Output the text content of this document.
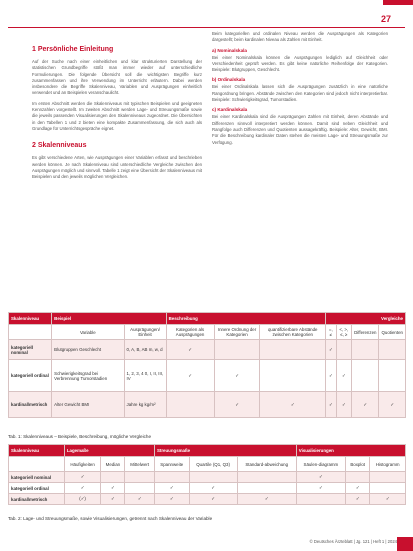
27
1 Persönliche Einleitung

Auf der Suche nach einer einheitlichen und klar strukturierten Darstellung der statistischen Grundbegriffe stößt man immer wieder auf unterschiedliche Formulierungen. Die folgende Übersicht soll die wichtigsten Begriffe kurz zusammenfassen und ihre Verwendung im Unterricht erläutern. Dabei werden insbesondere die Begriffe Skalenniveau, Variablen und Ausprägungen einheitlich verwendet und an Beispielen veranschaulicht.

Im ersten Abschnitt werden die Skalenniveaus mit typischen Beispielen und geeigneten Kennzahlen vorgestellt. Im zweiten Abschnitt werden Lage- und Streuungsmaße sowie die jeweils passenden Visualisierungen den Skalenniveaus zugeordnet. Die Übersichten in den Tabellen 1 und 2 bieten eine kompakte Zusammenfassung, die sich auch als Grundlage für Unterrichtsgespräche eignet.

2 Skalenniveaus

Es gibt verschiedene Arten, wie Ausprägungen einer Variablen erfasst und beschrieben werden können. Je nach Skalenniveau sind unterschiedliche Vergleiche zwischen den Ausprägungen möglich und sinnvoll. Tabelle 1 zeigt eine Übersicht der Skalenniveaus mit Beispielen und den jeweils möglichen Vergleichen.

Beim kategoriellen und ordinalen Niveau werden die Ausprägungen als Kategorien dargestellt; beim kardinalen Niveau als Zahlen mit Einheit.

a) Nominalskala

Bei einer Nominalskala können die Ausprägungen lediglich auf Gleichheit oder Verschiedenheit geprüft werden. Es gibt keine natürliche Reihenfolge der Kategorien. Beispiele: Blutgruppen, Geschlecht.

b) Ordinalskala

Bei einer Ordinalskala lassen sich die Ausprägungen zusätzlich in eine natürliche Rangordnung bringen. Abstände zwischen den Kategorien sind jedoch nicht interpretierbar. Beispiele: Schwierigkeitsgrad, Tumorstadien.

c) Kardinalskala

Bei einer Kardinalskala sind die Ausprägungen Zahlen mit Einheit, deren Abstände und Differenzen sinnvoll interpretiert werden können. Damit sind neben Gleichheit und Rangfolge auch Differenzen und Quotienten aussagekräftig. Beispiele: Alter, Gewicht, BMI. Für die Beschreibung kardinaler Daten stehen die meisten Lage- und Streuungsmaße zur Verfügung.

Skalenniveau	Beispiel		Beschreibung			Vergleiche			
	Variable	Ausprägungen/ Einheit	Kategorien als Ausprägungen	Innere Ordnung der Kategorien	quantifizierbare Abstände zwischen Kategorien	=, ≠	<, >, ≤, ≥	Differenzen	Quotienten
kategoriell nominal	Blutgruppen Geschlecht	0, A, B, AB m, w, d	✓			✓			
kategoriell ordinal	Schwierigkeitsgrad bei Verbrennung Tumorstadien	1, 2, 3, 4 0, I, II, III, IV	✓	✓		✓	✓		
kardinal/metrisch	Alter Gewicht BMI	Jahre kg kg/m²		✓	✓	✓	✓	✓	✓
Tab. 1: Skalenniveaus – Beispiele, Beschreibung, mögliche Vergleiche
Skalenniveau	Lagemaße			Streuungsmaße			Visualisierungen		
	Häufigkeiten	Median	Mittelwert	Spannweite	Quartile (Q1, Q3)	Standard-abweichung	Säulen-diagramm	Boxplot	Histogramm
kategoriell nominal	✓						✓		
kategoriell ordinal	✓	✓		✓	✓		✓	✓	
kardinal/metrisch	(✓)	✓	✓	✓	✓	✓		✓	✓
Tab. 2: Lage- und Streuungsmaße, sowie Visualisierungen, getrennt nach Skalenniveau der Variable
© Deutsches Ärzteblatt | Jg. 121 | Heft 1 | 2024
